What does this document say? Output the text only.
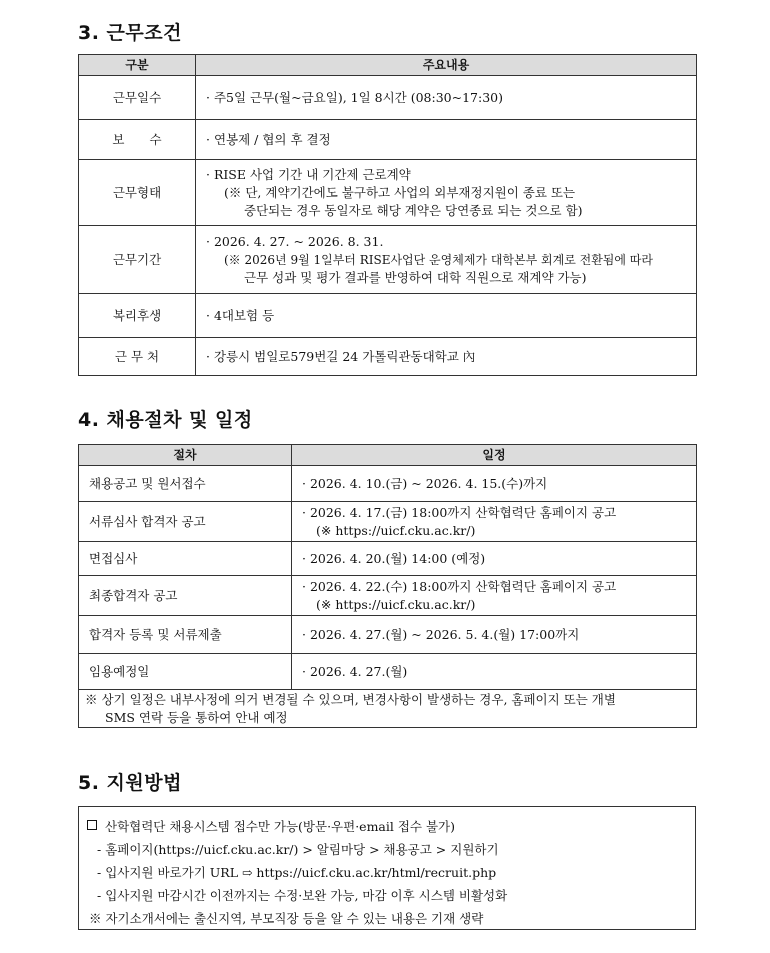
3. 근무조건
구분	주요내용
근무일수	· 주5일 근무(월~금요일), 1일 8시간 (08:30~17:30)
보　　수	· 연봉제 / 협의 후 결정
근무형태	· RISE 사업 기간 내 기간제 근로계약
(※ 단, 계약기간에도 불구하고 사업의 외부재정지원이 종료 또는
중단되는 경우 동일자로 해당 계약은 당연종료 되는 것으로 함)

근무기간	· 2026. 4. 27. ~ 2026. 8. 31.
(※ 2026년 9월 1일부터 RISE사업단 운영체제가 대학본부 회계로 전환됨에 따라
근무 성과 및 평가 결과를 반영하여 대학 직원으로 재계약 가능)

복리후생	· 4대보험 등
근 무 처	· 강릉시 범일로579번길 24 가톨릭관동대학교 內
4. 채용절차 및 일정
절차	일정
채용공고 및 원서접수	· 2026. 4. 10.(금) ~ 2026. 4. 15.(수)까지
서류심사 합격자 공고	· 2026. 4. 17.(금) 18:00까지 산학협력단 홈페이지 공고
(※ https://uicf.cku.ac.kr/)

면접심사	· 2026. 4. 20.(월) 14:00 (예정)
최종합격자 공고	· 2026. 4. 22.(수) 18:00까지 산학협력단 홈페이지 공고
(※ https://uicf.cku.ac.kr/)

합격자 등록 및 서류제출	· 2026. 4. 27.(월) ~ 2026. 5. 4.(월) 17:00까지
임용예정일	· 2026. 4. 27.(월)

※ 상기 일정은 내부사정에 의거 변경될 수 있으며, 변경사항이 발생하는 경우, 홈페이지 또는 개별
SMS 연락 등을 통하여 안내 예정	
5. 지원방법
산학협력단 채용시스템 접수만 가능(방문·우편·email 접수 불가)
- 홈페이지(https://uicf.cku.ac.kr/) > 알림마당 > 채용공고 > 지원하기
- 입사지원 바로가기 URL ⇨ https://uicf.cku.ac.kr/html/recruit.php
- 입사지원 마감시간 이전까지는 수정·보완 가능, 마감 이후 시스템 비활성화
※ 자기소개서에는 출신지역, 부모직장 등을 알 수 있는 내용은 기재 생략
